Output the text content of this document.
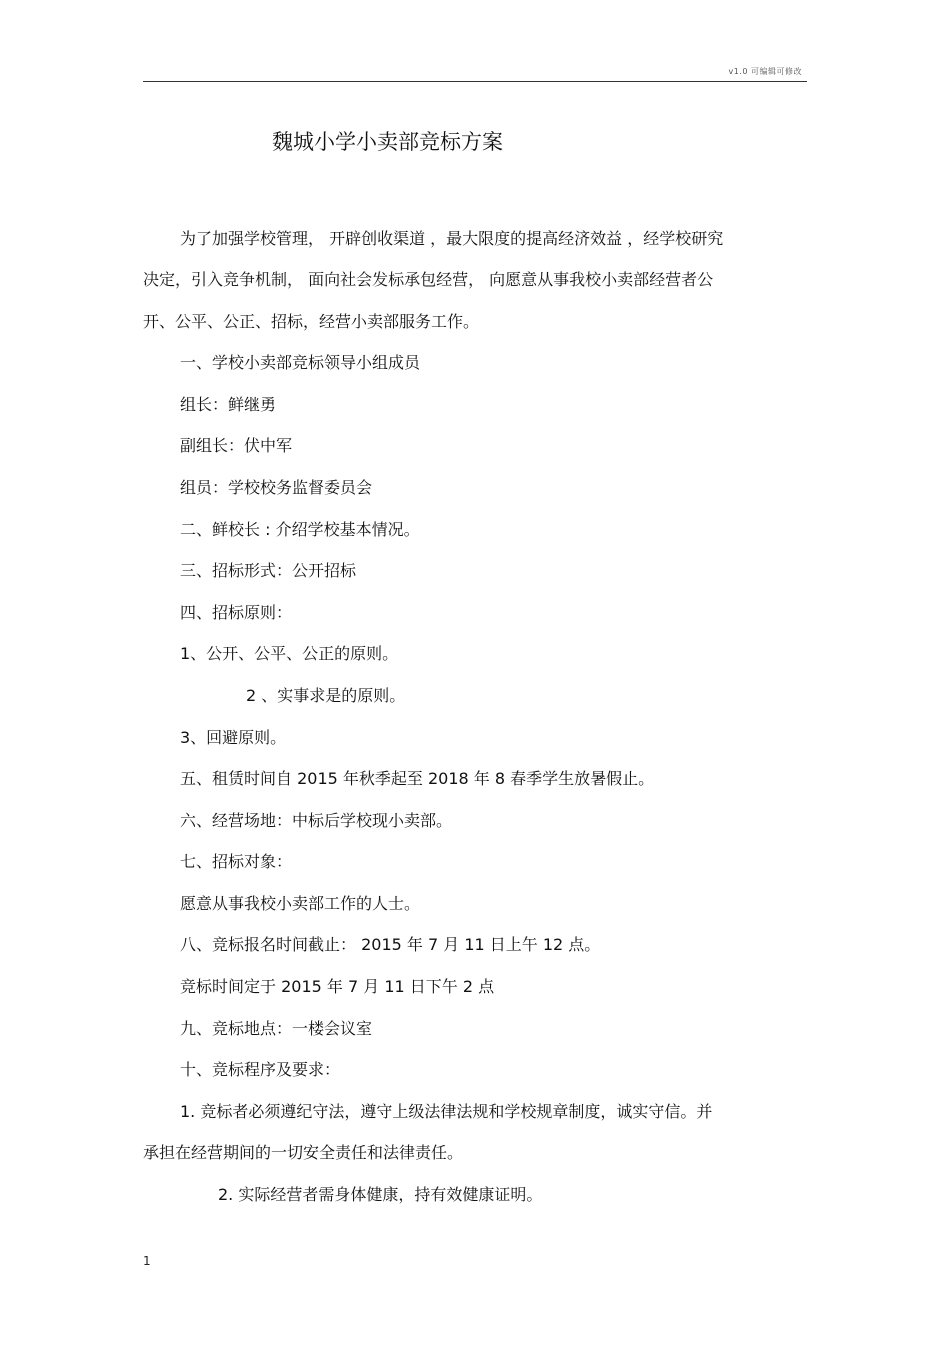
v1.0 可编辑可修改
魏城小学小卖部竞标方案
为了加强学校管理， 开辟创收渠道 ，最大限度的提高经济效益 ，经学校研究
决定，引入竞争机制， 面向社会发标承包经营， 向愿意从事我校小卖部经营者公
开、公平、公正、招标，经营小卖部服务工作。
一、学校小卖部竞标领导小组成员
组长：鲜继勇
副组长：伏中军
组员：学校校务监督委员会
二、鲜校长 : 介绍学校基本情况。
三、招标形式：公开招标
四、招标原则：
1、公开、公平、公正的原则。
2 、实事求是的原则。
3、回避原则。
五、租赁时间自 2015 年秋季起至 2018 年 8 春季学生放暑假止。
六、经营场地：中标后学校现小卖部。
七、招标对象：
愿意从事我校小卖部工作的人士。
八、竞标报名时间截止： 2015 年 7 月 11 日上午 12 点。
竞标时间定于 2015 年 7 月 11 日下午 2 点
九、竞标地点：一楼会议室
十、竞标程序及要求：
1. 竞标者必须遵纪守法，遵守上级法律法规和学校规章制度，诚实守信。并
承担在经营期间的一切安全责任和法律责任。
2. 实际经营者需身体健康，持有效健康证明。
1
